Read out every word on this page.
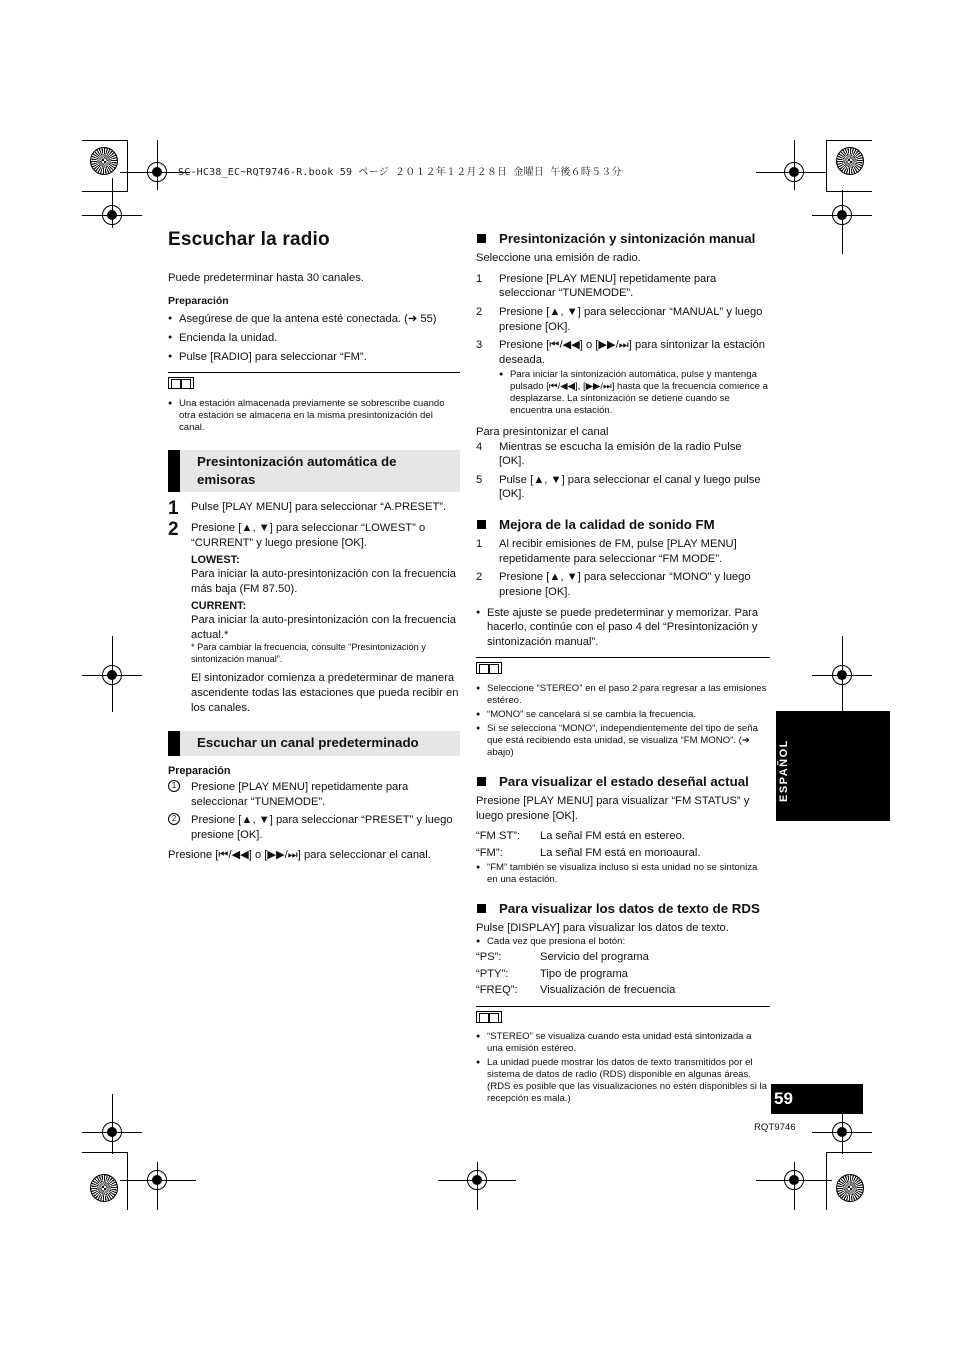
SC-HC38_EC~RQT9746-R.book 59 ページ ２０１２年１２月２８日 金曜日 午後６時５３分
Escuchar la radio
Puede predeterminar hasta 30 canales.
Preparación
● Asegúrese de que la antena esté conectada. (➜ 55)
● Encienda la unidad.
● Pulse [RADIO] para seleccionar “FM”.
● Una estación almacenada previamente se sobrescribe cuando otra estación se almacena en la misma presintonización del canal.
Presintonización automática de emisoras
1 Pulse [PLAY MENU] para seleccionar “A.PRESET”.
2 Presione [▲, ▼] para seleccionar “LOWEST” o “CURRENT” y luego presione [OK].
LOWEST:
Para iniciar la auto-presintonización con la frecuencia más baja (FM 87.50).
CURRENT:
Para iniciar la auto-presintonización con la frecuencia actual.*
* Para cambiar la frecuencia, consulte “Presintonización y sintonización manual”.
El sintonizador comienza a predeterminar de manera ascendente todas las estaciones que pueda recibir en los canales.
Escuchar un canal predeterminado
Preparación
1	Presione [PLAY MENU] repetidamente para seleccionar “TUNEMODE”.
2	Presione [▲, ▼] para seleccionar “PRESET” y luego presione [OK].
Presione [⏮/◀◀] o [▶▶/⏭] para seleccionar el canal.
Presintonización y sintonización manual
Seleccione una emisión de radio.
1 Presione [PLAY MENU] repetidamente para seleccionar “TUNEMODE”.
2 Presione [▲, ▼] para seleccionar “MANUAL” y luego presione [OK].
3 Presione [⏮/◀◀] o [▶▶/⏭] para sintonizar la estación deseada.
● Para iniciar la sintonización automática, pulse y mantenga pulsado [⏮/◀◀], [▶▶/⏭] hasta que la frecuencia comience a desplazarse. La sintonización se detiene cuando se encuentra una estación.
Para presintonizar el canal
4 Mientras se escucha la emisión de la radio Pulse [OK].
5 Pulse [▲, ▼] para seleccionar el canal y luego pulse [OK].
Mejora de la calidad de sonido FM
1 Al recibir emisiones de FM, pulse [PLAY MENU] repetidamente para seleccionar “FM MODE”.
2 Presione [▲, ▼] para seleccionar “MONO” y luego presione [OK].
● Este ajuste se puede predeterminar y memorizar. Para hacerlo, continúe con el paso 4 del “Presintonización y sintonización manual”.
● Seleccione “STEREO” en el paso 2 para regresar a las emisiones estéreo.
● “MONO” se cancelará si se cambia la frecuencia.
● Si se selecciona “MONO”, independientemente del tipo de seña que está recibiendo esta unidad, se visualiza “FM MONO”. (➜ abajo)
Para visualizar el estado deseñal actual
Presione [PLAY MENU] para visualizar “FM STATUS” y luego presione [OK].
“FM ST”:	La señal FM está en estereo.
“FM”:	La señal FM está en monoaural.
● “FM” también se visualiza incluso si esta unidad no se sintoniza en una estación.
Para visualizar los datos de texto de RDS
Pulse [DISPLAY] para visualizar los datos de texto.
● Cada vez que presiona el botón:
“PS”:	Servicio del programa
“PTY”:	Tipo de programa
“FREQ”:	Visualización de frecuencia
● “STEREO” se visualiza cuando esta unidad está sintonizada a una emisión estéreo.
● La unidad puede mostrar los datos de texto transmitidos por el sistema de datos de radio (RDS) disponible en algunas áreas. (RDS es posible que las visualizaciones no estén disponibles si la recepción es mala.)
ESPAÑOL
59
RQT9746
